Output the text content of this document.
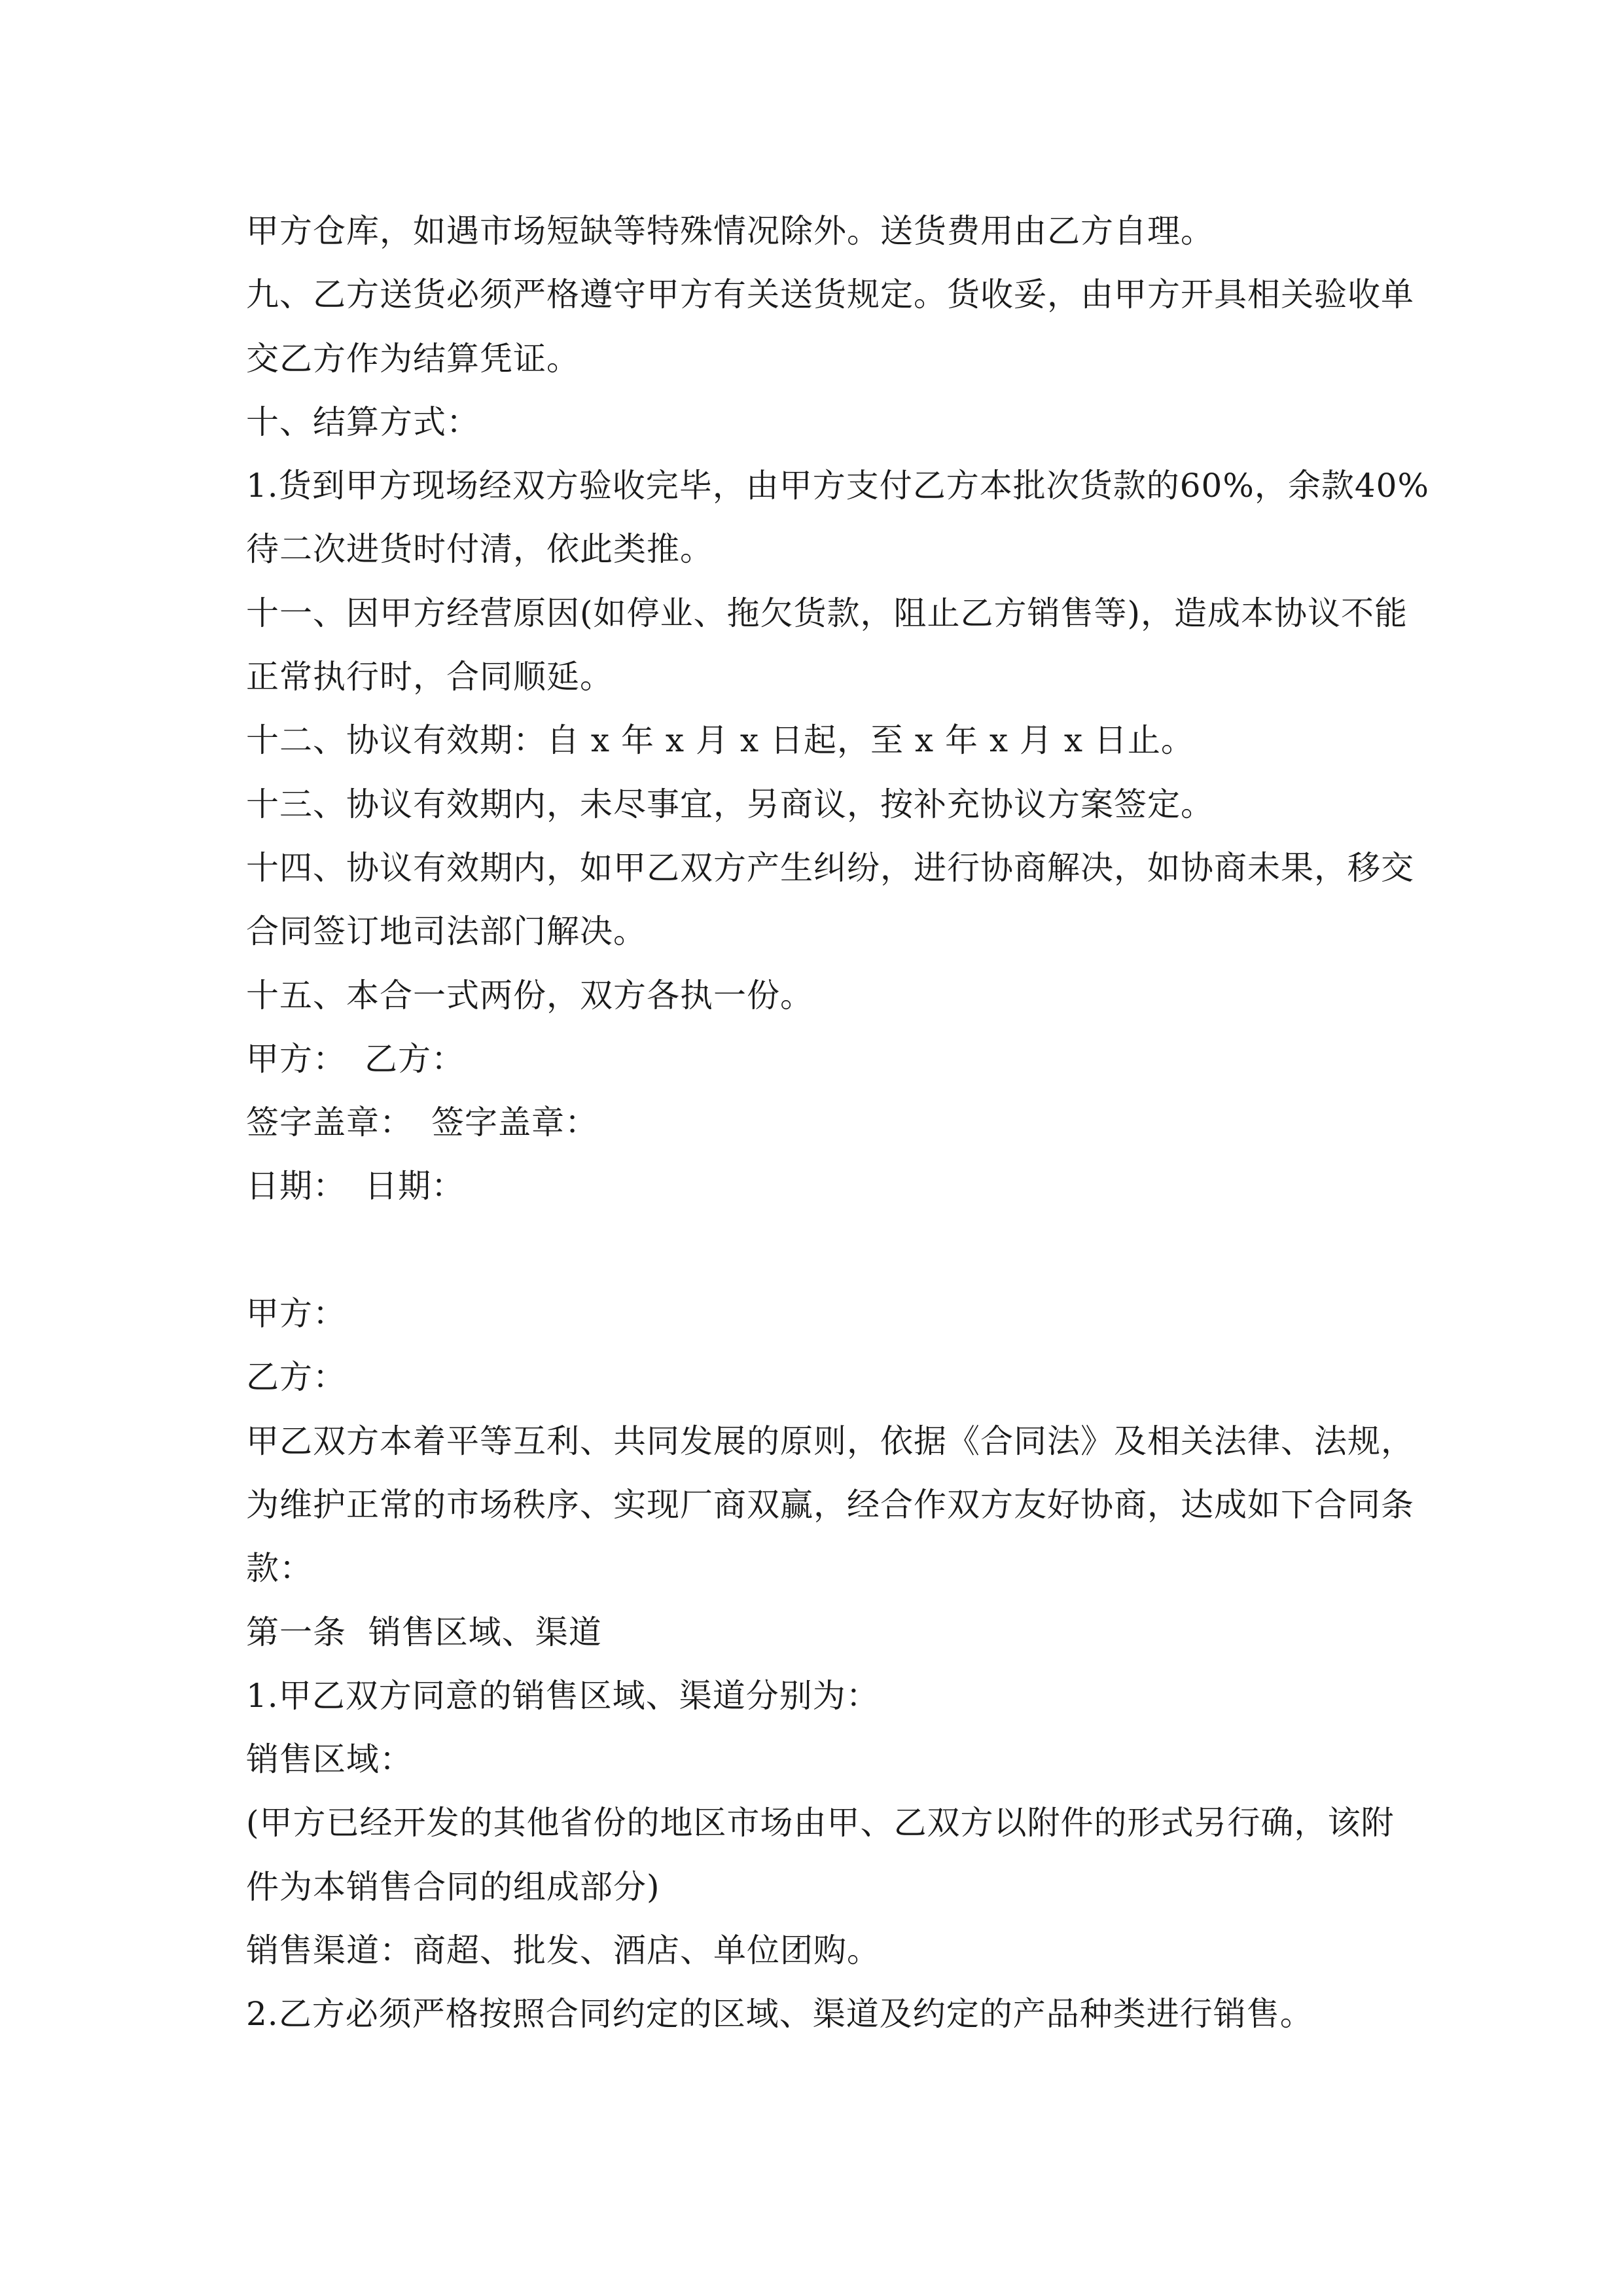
甲方仓库，如遇市场短缺等特殊情况除外。送货费用由乙方自理。
九、乙方送货必须严格遵守甲方有关送货规定。货收妥，由甲方开具相关验收单
交乙方作为结算凭证。
十、结算方式：
1.货到甲方现场经双方验收完毕，由甲方支付乙方本批次货款的60%，余款40%
待二次进货时付清，依此类推。
十一、因甲方经营原因(如停业、拖欠货款，阻止乙方销售等)，造成本协议不能
正常执行时，合同顺延。
十二、协议有效期：自 x 年 x 月 x 日起，至 x 年 x 月 x 日止。
十三、协议有效期内，未尽事宜，另商议，按补充协议方案签定。
十四、协议有效期内，如甲乙双方产生纠纷，进行协商解决，如协商未果，移交
合同签订地司法部门解决。
十五、本合一式两份，双方各执一份。
甲方： 乙方：
签字盖章： 签字盖章：
日期： 日期：
甲方：
乙方：
甲乙双方本着平等互利、共同发展的原则，依据《合同法》及相关法律、法规，
为维护正常的市场秩序、实现厂商双赢，经合作双方友好协商，达成如下合同条
款：
第一条  销售区域、渠道
1.甲乙双方同意的销售区域、渠道分别为：
销售区域：
(甲方已经开发的其他省份的地区市场由甲、乙双方以附件的形式另行确，该附
件为本销售合同的组成部分)
销售渠道：商超、批发、酒店、单位团购。
2.乙方必须严格按照合同约定的区域、渠道及约定的产品种类进行销售。
